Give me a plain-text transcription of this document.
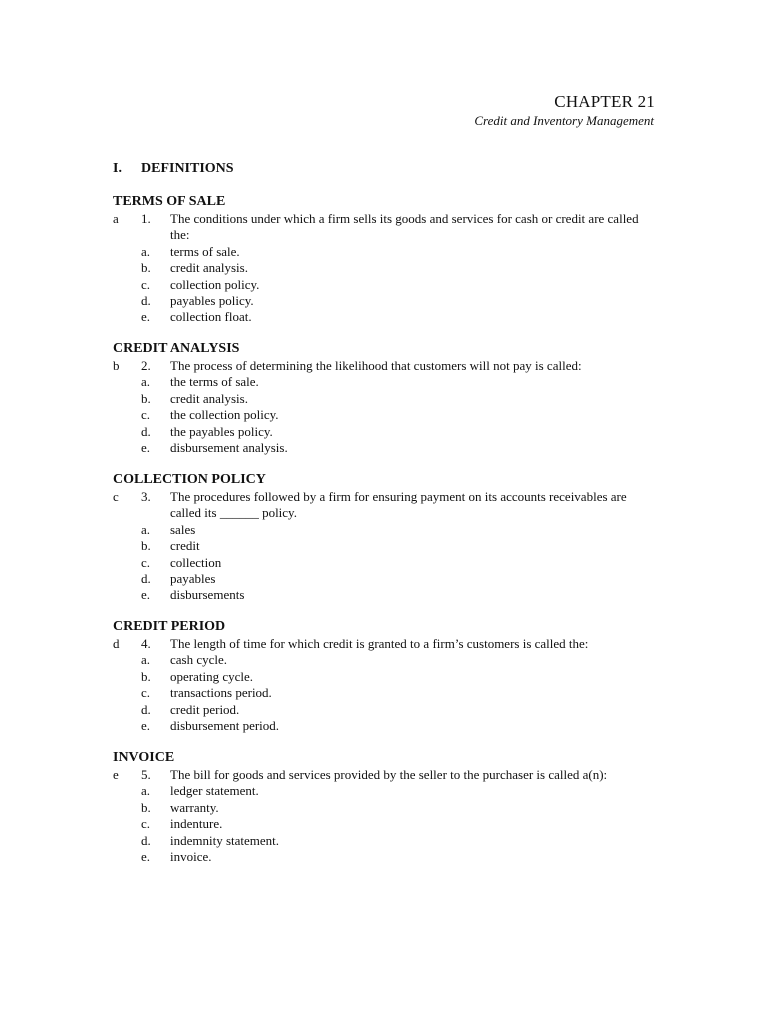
CHAPTER 21
Credit and Inventory Management
I. DEFINITIONS
TERMS OF SALE
a 1. The conditions under which a firm sells its goods and services for cash or credit are called the:
a. terms of sale.
b. credit analysis.
c. collection policy.
d. payables policy.
e. collection float.
CREDIT ANALYSIS
b 2. The process of determining the likelihood that customers will not pay is called:
a. the terms of sale.
b. credit analysis.
c. the collection policy.
d. the payables policy.
e. disbursement analysis.
COLLECTION POLICY
c 3. The procedures followed by a firm for ensuring payment on its accounts receivables are called its ______ policy.
a. sales
b. credit
c. collection
d. payables
e. disbursements
CREDIT PERIOD
d 4. The length of time for which credit is granted to a firm’s customers is called the:
a. cash cycle.
b. operating cycle.
c. transactions period.
d. credit period.
e. disbursement period.
INVOICE
e 5. The bill for goods and services provided by the seller to the purchaser is called a(n):
a. ledger statement.
b. warranty.
c. indenture.
d. indemnity statement.
e. invoice.
